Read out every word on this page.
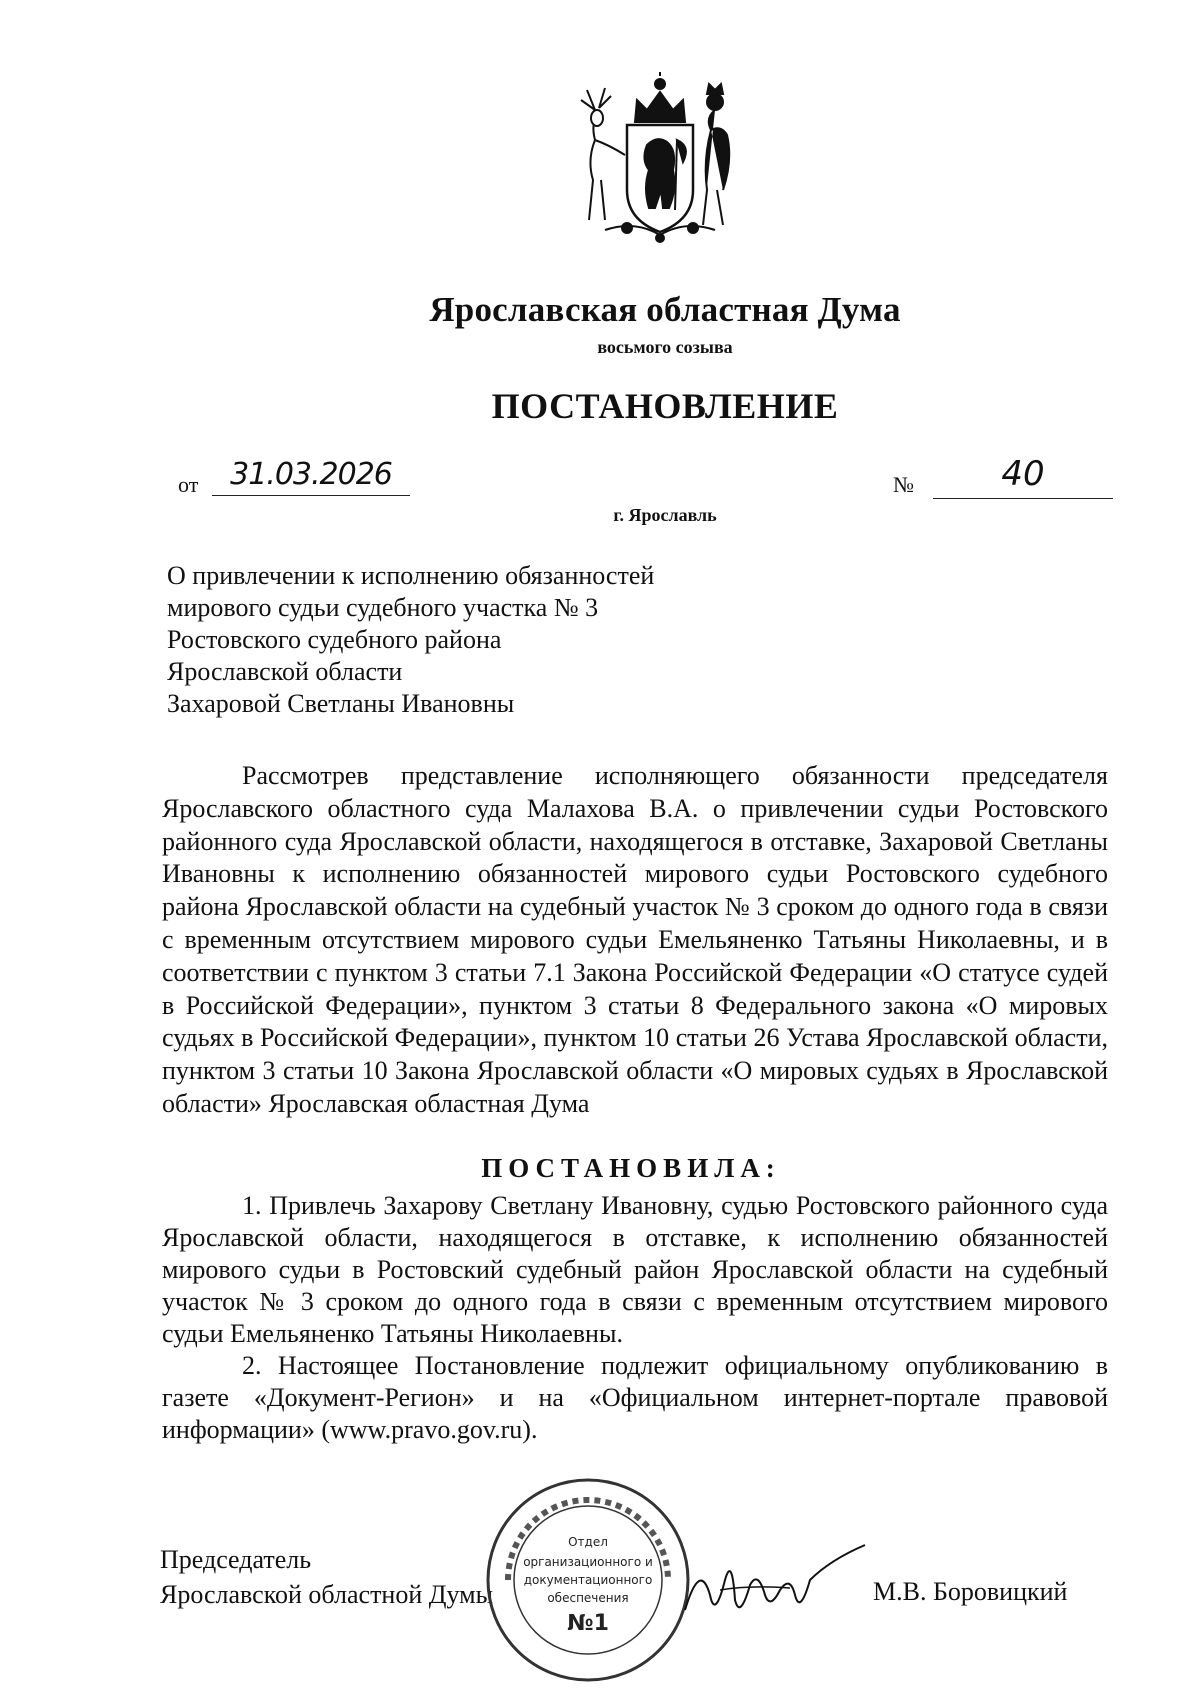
Ярославская областная Дума
восьмого созыва
ПОСТАНОВЛЕНИЕ
от	31.03.2026	№	40
г. Ярославль
О привлечении к исполнению обязанностей
мирового судьи судебного участка № 3
Ростовского судебного района
Ярославской области
Захаровой Светланы Ивановны

Рассмотрев представление исполняющего обязанности председателя Ярославского областного суда Малахова В.А. о привлечении судьи Ростовского районного суда Ярославской области, находящегося в отставке, Захаровой Светланы Ивановны к исполнению обязанностей мирового судьи Ростовского судебного района Ярославской области на судебный участок № 3 сроком до одного года в связи с временным отсутствием мирового судьи Емельяненко Татьяны Николаевны, и в соответствии с пунктом 3 статьи 7.1 Закона Российской Федерации «О статусе судей в Российской Федерации», пунктом 3 статьи 8 Федерального закона «О мировых судьях в Российской Федерации», пунктом 10 статьи 26 Устава Ярославской области, пунктом 3 статьи 10 Закона Ярославской области «О мировых судьях в Ярославской области» Ярославская областная Дума

ПОСТАНОВИЛА:

1. Привлечь Захарову Светлану Ивановну, судью Ростовского районного суда Ярославской области, находящегося в отставке, к исполнению обязанностей мирового судьи в Ростовский судебный район Ярославской области на судебный участок № 3 сроком до одного года в связи с временным отсутствием мирового судьи Емельяненко Татьяны Николаевны.

2. Настоящее Постановление подлежит официальному опубликованию в газете «Документ-Регион» и на «Официальном интернет-портале правовой информации» (www.pravo.gov.ru).

Председатель
Ярославской областной Думы
Отдел
организационного и
документационного
обеспечения
№1
М.В. Боровицкий
